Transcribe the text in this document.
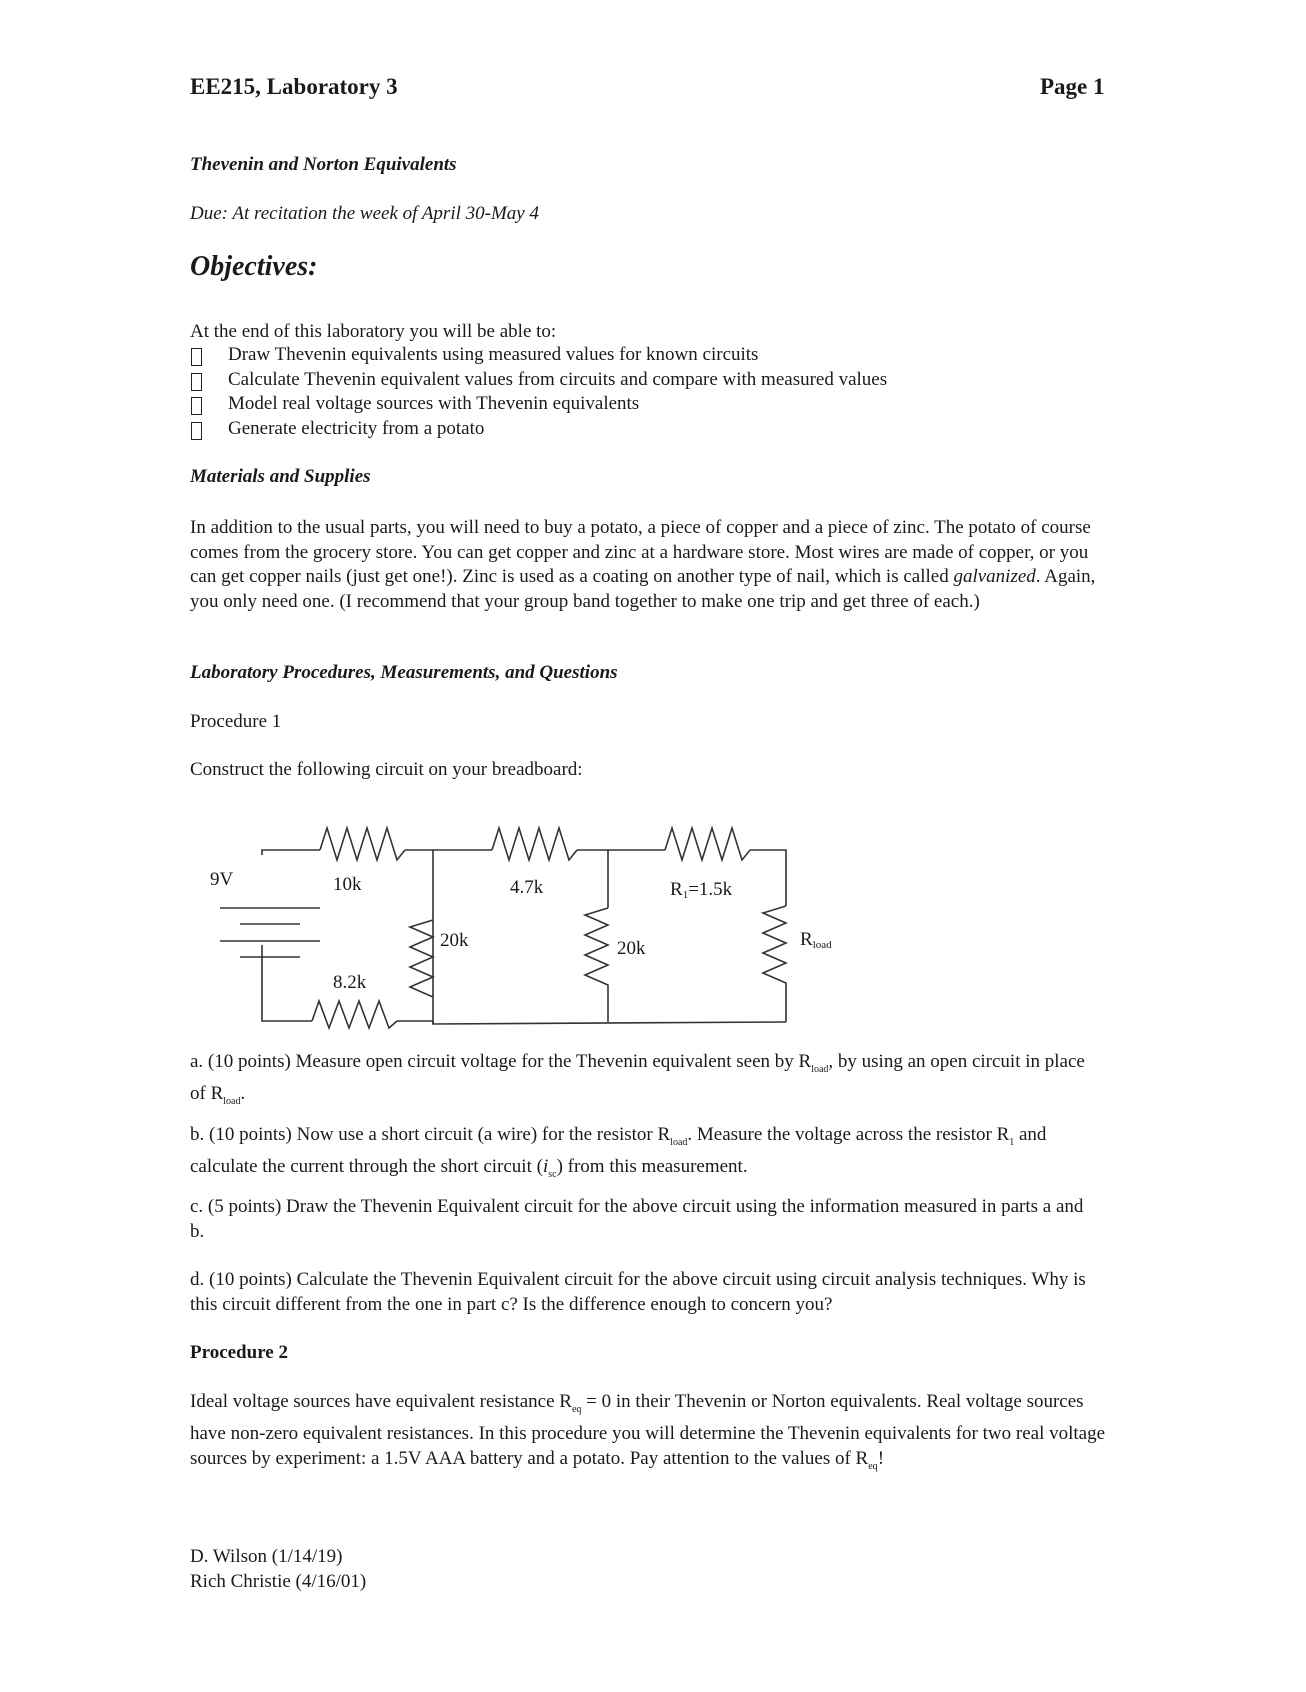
EE215, Laboratory 3	Page 1
Thevenin and Norton Equivalents
Due: At recitation the week of April 30-May 4
Objectives:
At the end of this laboratory you will be able to:
Draw Thevenin equivalents using measured values for known circuits
Calculate Thevenin equivalent values from circuits and compare with measured values
Model real voltage sources with Thevenin equivalents
Generate electricity from a potato
Materials and Supplies

In addition to the usual parts, you will need to buy a potato, a piece of copper and a piece of zinc. The potato of course comes from the grocery store. You can get copper and zinc at a hardware store. Most wires are made of copper, or you can get copper nails (just get one!). Zinc is used as a coating on another type of nail, which is called galvanized. Again, you only need one. (I recommend that your group band together to make one trip and get three of each.)

Laboratory Procedures, Measurements, and Questions
Procedure 1
Construct the following circuit on your breadboard:
9V	10k	4.7k	R1=1.5k
20k	20k	Rload
8.2k

a. (10 points) Measure open circuit voltage for the Thevenin equivalent seen by $R_{load}$, by using an open circuit in place of $R_{load}$.

b. (10 points) Now use a short circuit (a wire) for the resistor $R_{load}$. Measure the voltage across the resistor $R_1$ and calculate the current through the short circuit $(i_{sc})$ from this measurement.

c. (5 points) Draw the Thevenin Equivalent circuit for the above circuit using the information measured in parts a and b.

d. (10 points) Calculate the Thevenin Equivalent circuit for the above circuit using circuit analysis techniques. Why is this circuit different from the one in part c? Is the difference enough to concern you?

Procedure 2

Ideal voltage sources have equivalent resistance $R_{eq} = 0$ in their Thevenin or Norton equivalents. Real voltage sources have non-zero equivalent resistances. In this procedure you will determine the Thevenin equivalents for two real voltage sources by experiment: a 1.5V AAA battery and a potato. Pay attention to the values of $R_{eq}$!

D. Wilson (1/14/19)
Rich Christie (4/16/01)
